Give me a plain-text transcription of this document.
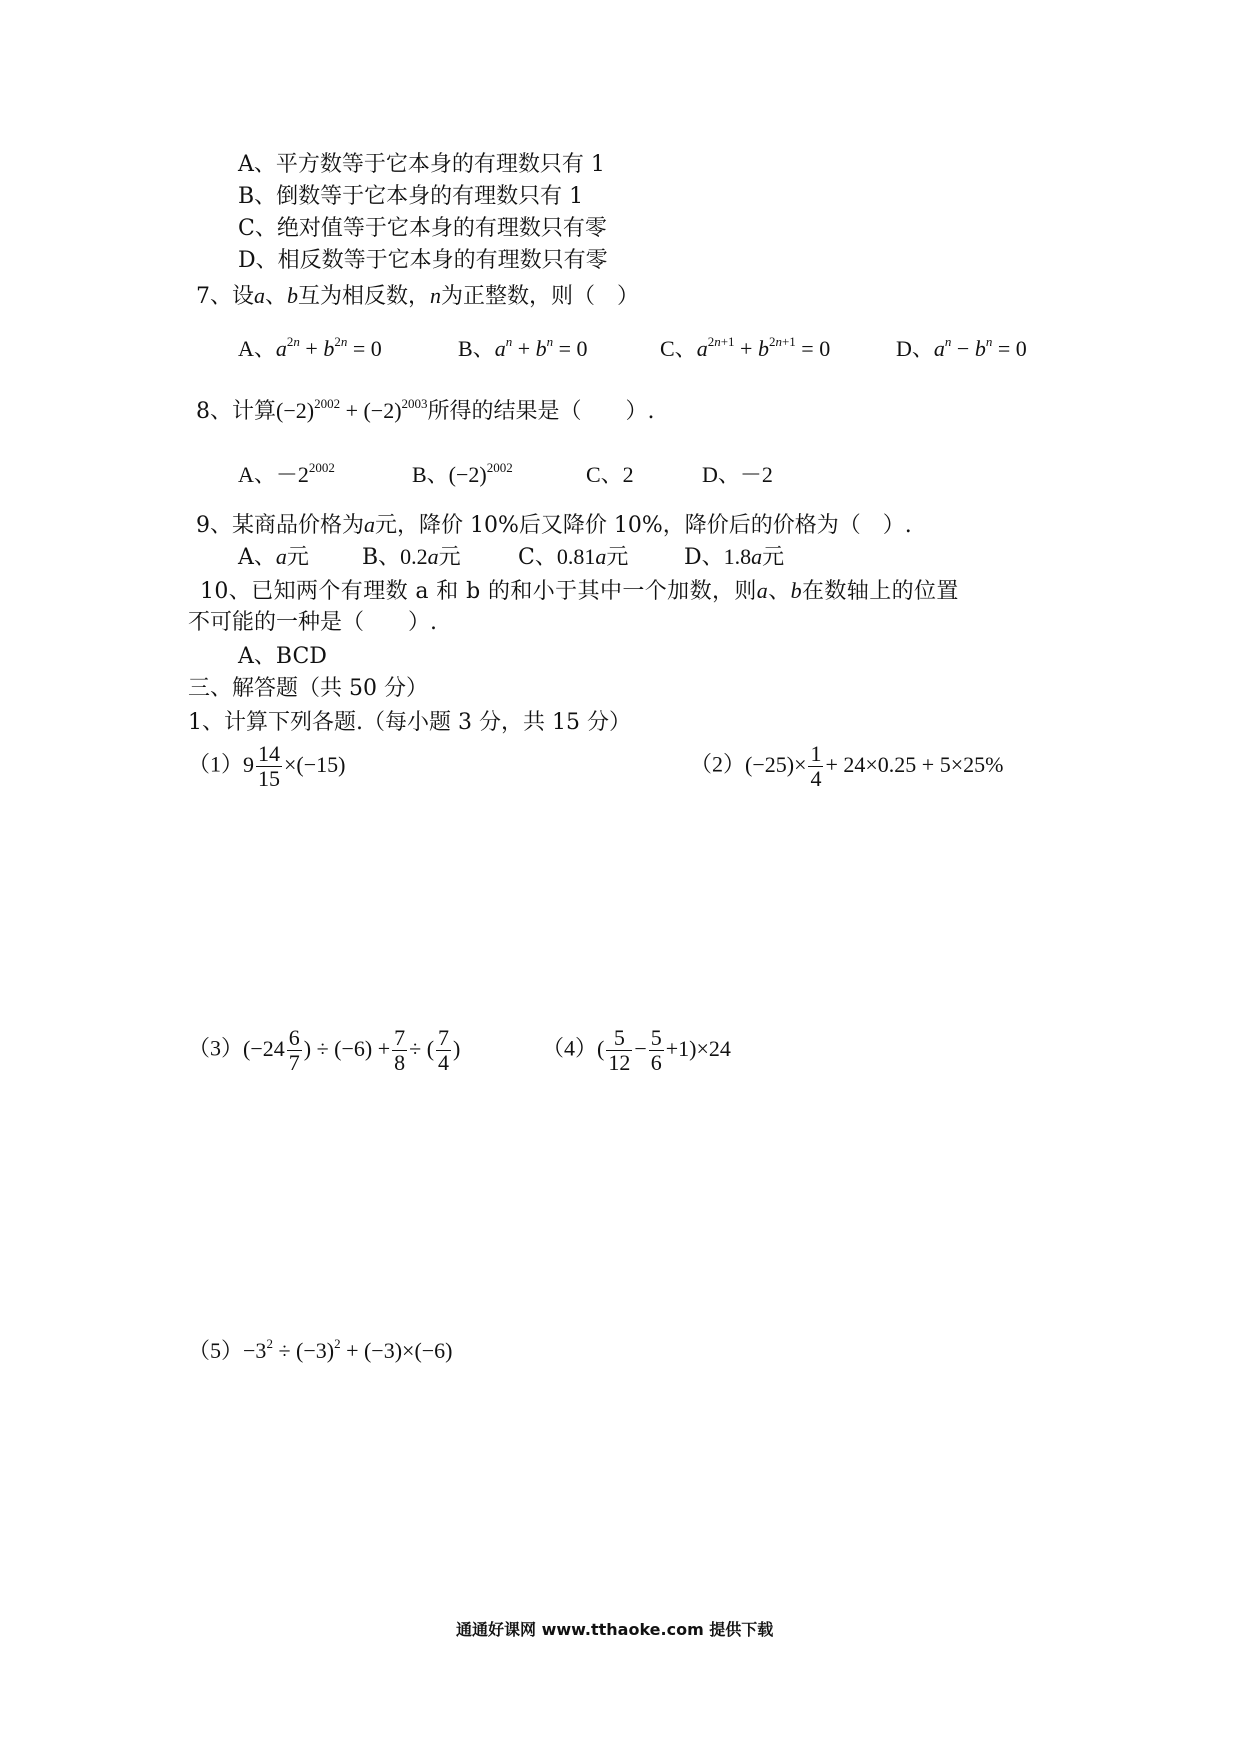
A、平方数等于它本身的有理数只有 1
B、倒数等于它本身的有理数只有 1
C、绝对值等于它本身的有理数只有零
D、相反数等于它本身的有理数只有零
7、设a、b互为相反数，n为正整数，则（　）
A、$a^{2n} + b^{2n} = 0$	B、$a^n + b^n = 0$	C、$a^{2n+1} + b^{2n+1} = 0$	D、$a^n - b^n = 0$
8、计算$(-2)^{2002} + (-2)^{2003}$所得的结果是（　　）.
A、$-2^{2002}$	B、$(-2)^{2002}$	C、2	D、－2
9、某商品价格为a元，降价 10%后又降价 10%，降价后的价格为（　）.
A、a元 B、0.2a元	C、0.81a元	D、1.8a元
10、已知两个有理数 a 和 b 的和小于其中一个加数，则a、b在数轴上的位置
不可能的一种是（　　）.
A、BCD
三、解答题（共 50 分）
1、计算下列各题.（每小题 3 分，共 15 分）
$(1)9 \frac{14}{15} \times(-15)$	$(2)(-25)\times \frac{1}{4} + 24\times 0.25 + 5\times 25\%$
$(3)(-24 \frac{6}{7}$ ) ÷ $(-6) + \frac{7}{8}$ ÷ ( $\frac{7}{4}$ )	$(4)( \frac{5}{12} - \frac{5}{6} +1)\times 24$
$(5)-3^2 \div (-3)^2 + (-3)\times(-6)$
通通好课网 www.tthaoke.com 提供下载
